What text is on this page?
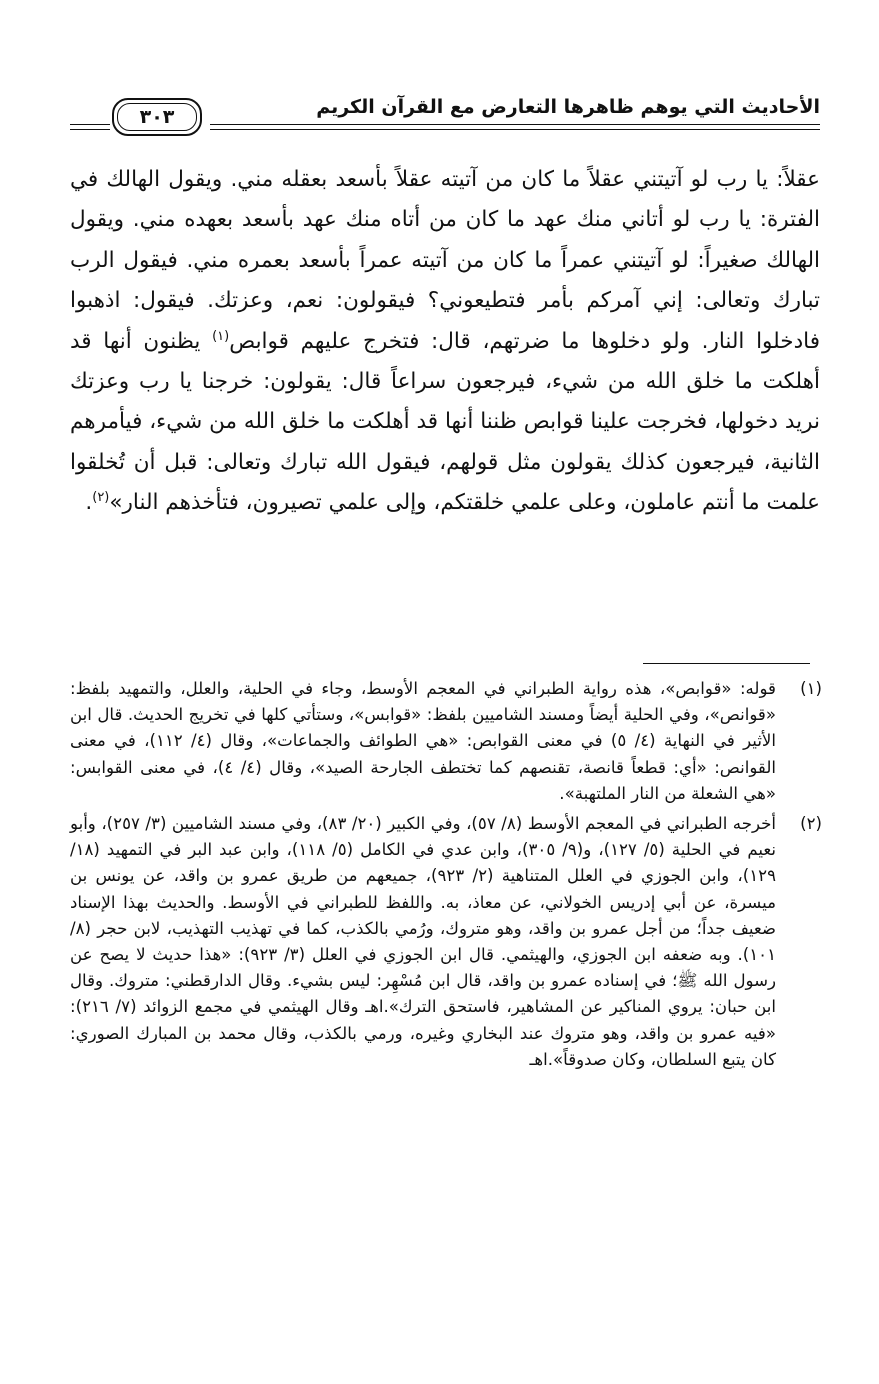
الأحاديث التي يوهم ظاهرها التعارض مع القرآن الكريم
٣٠٣

عقلاً: يا رب لو آتيتني عقلاً ما كان من آتيته عقلاً بأسعد بعقله مني. ويقول الهالك في الفترة: يا رب لو أتاني منك عهد ما كان من أتاه منك عهد بأسعد بعهده مني. ويقول الهالك صغيراً: لو آتيتني عمراً ما كان من آتيته عمراً بأسعد بعمره مني. فيقول الرب تبارك وتعالى: إني آمركم بأمر فتطيعوني؟ فيقولون: نعم، وعزتك. فيقول: اذهبوا فادخلوا النار. ولو دخلوها ما ضرتهم، قال: فتخرج عليهم قوابص$^{(١)}$ يظنون أنها قد أهلكت ما خلق الله من شيء، فيرجعون سراعاً قال: يقولون: خرجنا يا رب وعزتك نريد دخولها، فخرجت علينا قوابص ظننا أنها قد أهلكت ما خلق الله من شيء، فيأمرهم الثانية، فيرجعون كذلك يقولون مثل قولهم، فيقول الله تبارك وتعالى: قبل أن تُخلقوا علمت ما أنتم عاملون، وعلى علمي خلقتكم، وإلى علمي تصيرون، فتأخذهم النار»$^{(٢)}$.

(١)
قوله: «قوابص»، هذه رواية الطبراني في المعجم الأوسط، وجاء في الحلية، والعلل، والتمهيد بلفظ: «قوانص»، وفي الحلية أيضاً ومسند الشاميين بلفظ: «قوابس»، وستأتي كلها في تخريج الحديث. قال ابن الأثير في النهاية (٤/ ٥) في معنى القوابص: «هي الطوائف والجماعات»، وقال (٤/ ١١٢)، في معنى القوانص: «أي: قطعاً قانصة، تقنصهم كما تختطف الجارحة الصيد»، وقال (٤/ ٤)، في معنى القوابس: «هي الشعلة من النار الملتهبة».
(٢)
أخرجه الطبراني في المعجم الأوسط (٨/ ٥٧)، وفي الكبير (٢٠/ ٨٣)، وفي مسند الشاميين (٣/ ٢٥٧)، وأبو نعيم في الحلية (٥/ ١٢٧)، و(٩/ ٣٠٥)، وابن عدي في الكامل (٥/ ١١٨)، وابن عبد البر في التمهيد (١٨/ ١٢٩)، وابن الجوزي في العلل المتناهية (٢/ ٩٢٣)، جميعهم من طريق عمرو بن واقد، عن يونس بن ميسرة، عن أبي إدريس الخولاني، عن معاذ، به. واللفظ للطبراني في الأوسط. والحديث بهذا الإسناد ضعيف جداً؛ من أجل عمرو بن واقد، وهو متروك، ورُمي بالكذب، كما في تهذيب التهذيب، لابن حجر (٨/ ١٠١). وبه ضعفه ابن الجوزي، والهيثمي. قال ابن الجوزي في العلل (٣/ ٩٢٣): «هذا حديث لا يصح عن رسول الله ﷺ؛ في إسناده عمرو بن واقد، قال ابن مُسْهِر: ليس بشيء. وقال الدارقطني: متروك. وقال ابن حبان: يروي المناكير عن المشاهير، فاستحق الترك».اهـ وقال الهيثمي في مجمع الزوائد (٧/ ٢١٦): «فيه عمرو بن واقد، وهو متروك عند البخاري وغيره، ورمي بالكذب، وقال محمد بن المبارك الصوري: كان يتبع السلطان، وكان صدوقاً».اهـ
